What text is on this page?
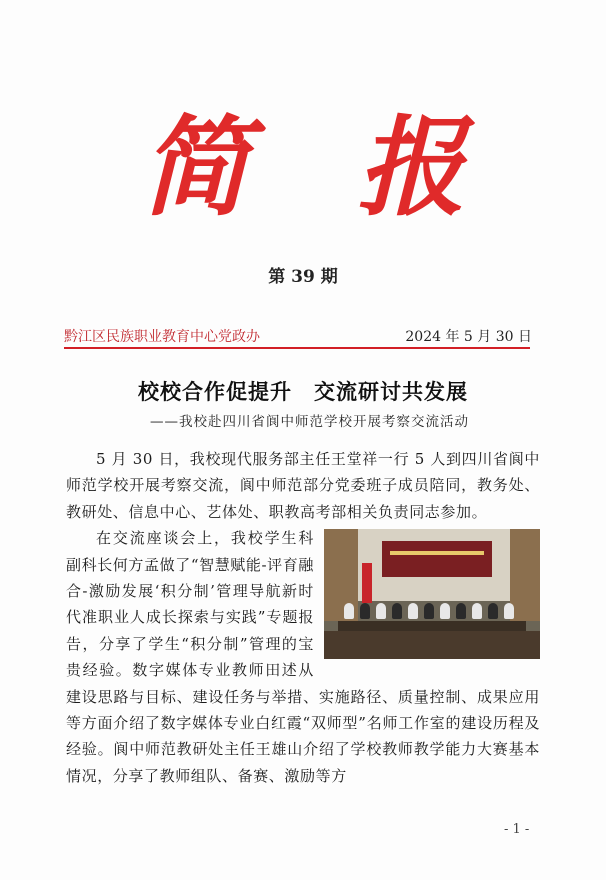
简 报
第 39 期
黔江区民族职业教育中心党政办	2024 年 5 月 30 日
校校合作促提升　交流研讨共发展
——我校赴四川省阆中师范学校开展考察交流活动

5 月 30 日，我校现代服务部主任王堂祥一行 5 人到四川省阆中师范学校开展考察交流，阆中师范部分党委班子成员陪同，教务处、教研处、信息中心、艺体处、职教高考部相关负责同志参加。

在交流座谈会上，我校学生科副科长何方孟做了“智慧赋能-评育融合-激励发展‘积分制’管理导航新时代准职业人成长探索与实践”专题报告，分享了学生“积分制”管理的宝贵经验。数字媒体专业教师田述从建设思路与目标、建设任务与举措、实施路径、质量控制、成果应用等方面介绍了数字媒体专业白红霞“双师型”名师工作室的建设历程及经验。阆中师范教研处主任王雄山介绍了学校教师教学能力大赛基本情况，分享了教师组队、备赛、激励等方

- 1 -
